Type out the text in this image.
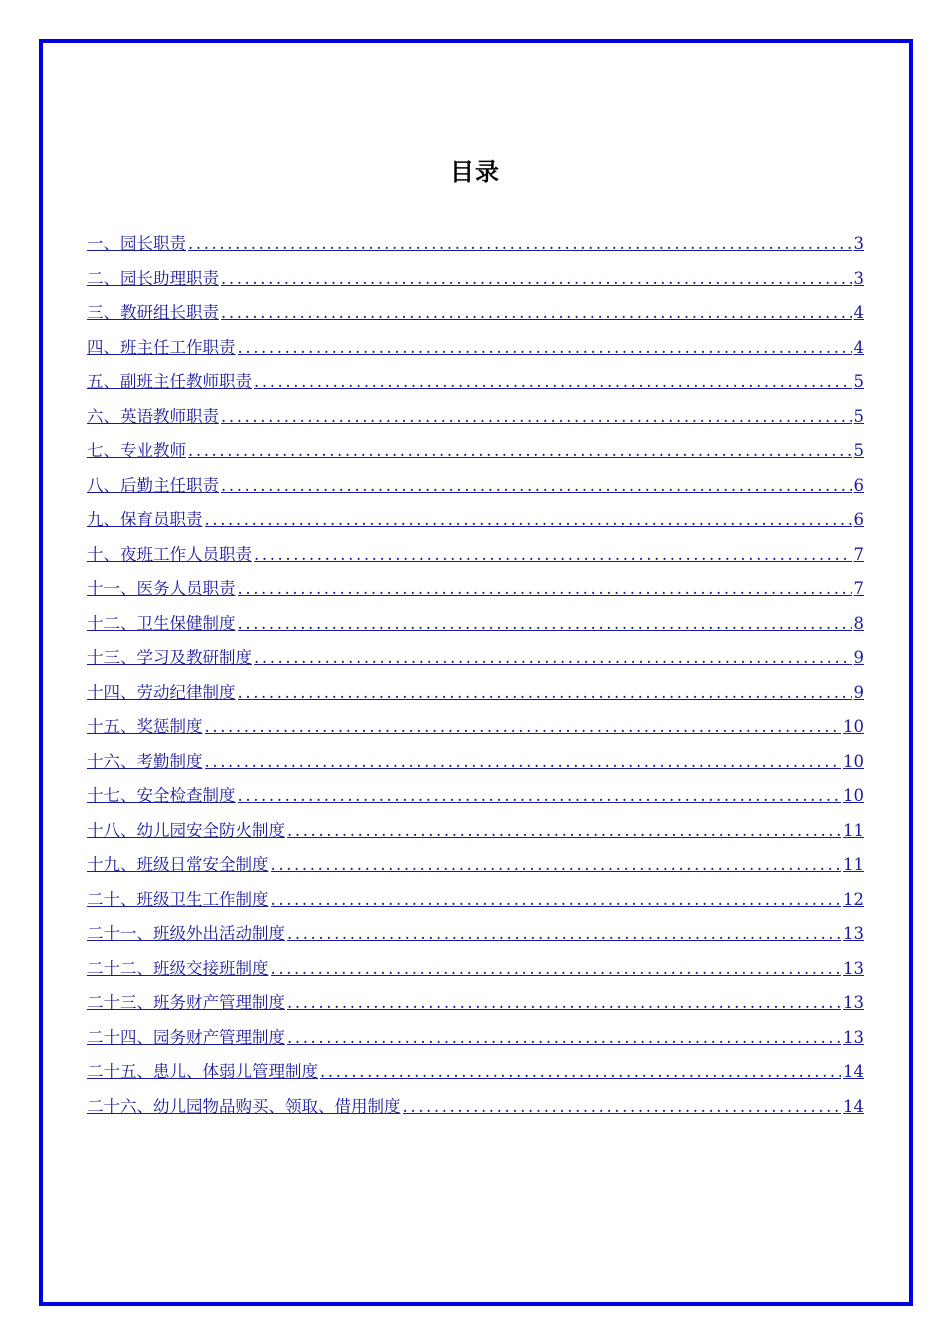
目录
一、园长职责 .....	3
二、园长助理职责 .....	3
三、教研组长职责 .....	4
四、班主任工作职责 .....	4
五、副班主任教师职责 .....	5
六、英语教师职责 .....	5
七、专业教师 .....	5
八、后勤主任职责 .....	6
九、保育员职责 .....	6
十、夜班工作人员职责 .....	7
十一、医务人员职责 .....	7
十二、卫生保健制度 .....	8
十三、学习及教研制度 .....	9
十四、劳动纪律制度 .....	9
十五、奖惩制度 .....	10
十六、考勤制度 .....	10
十七、安全检查制度 .....	10
十八、幼儿园安全防火制度 .....	11
十九、班级日常安全制度 .....	11
二十、班级卫生工作制度 .....	12
二十一、班级外出活动制度 .....	13
二十二、班级交接班制度 .....	13
二十三、班务财产管理制度 .....	13
二十四、园务财产管理制度 .....	13
二十五、患儿、体弱儿管理制度 .....	14
二十六、幼儿园物品购买、领取、借用制度 .....	14
